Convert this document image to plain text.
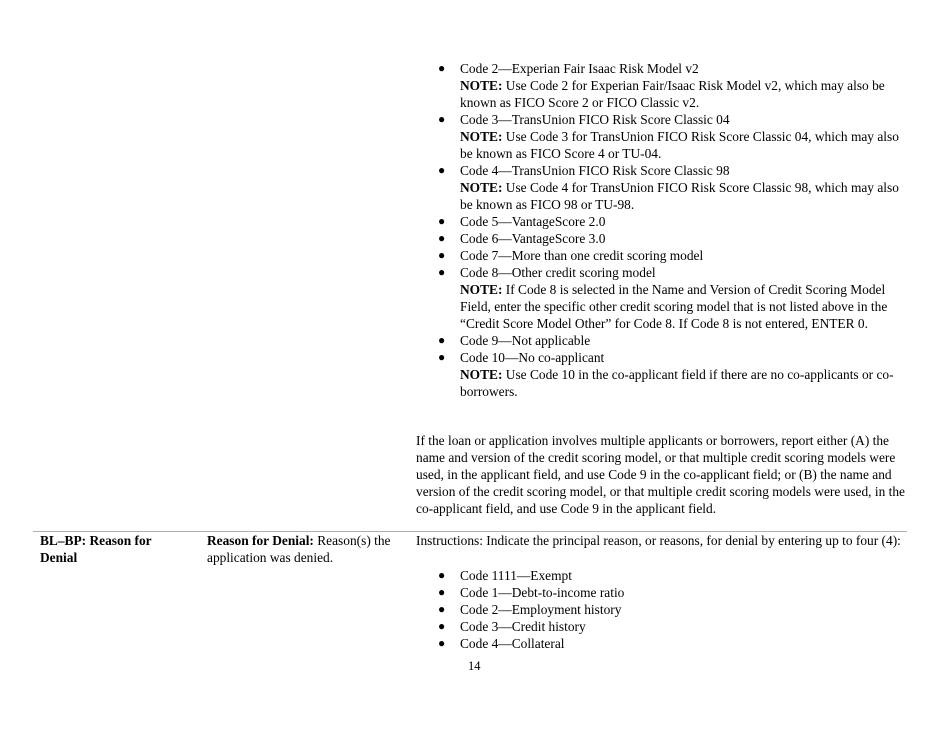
● Code 2—Experian Fair Isaac Risk Model v2
NOTE: Use Code 2 for Experian Fair/Isaac Risk Model v2, which may also be known as FICO Score 2 or FICO Classic v2.
● Code 3—TransUnion FICO Risk Score Classic 04
NOTE: Use Code 3 for TransUnion FICO Risk Score Classic 04, which may also be known as FICO Score 4 or TU-04.
● Code 4—TransUnion FICO Risk Score Classic 98
NOTE: Use Code 4 for TransUnion FICO Risk Score Classic 98, which may also be known as FICO 98 or TU-98.
● Code 5—VantageScore 2.0
● Code 6—VantageScore 3.0
● Code 7—More than one credit scoring model
● Code 8—Other credit scoring model
NOTE: If Code 8 is selected in the Name and Version of Credit Scoring Model Field, enter the specific other credit scoring model that is not listed above in the “Credit Score Model Other” for Code 8. If Code 8 is not entered, ENTER 0.
● Code 9—Not applicable
● Code 10—No co-applicant
NOTE: Use Code 10 in the co-applicant field if there are no co-applicants or co-borrowers.
If the loan or application involves multiple applicants or borrowers, report either (A) the name and version of the credit scoring model, or that multiple credit scoring models were used, in the applicant field, and use Code 9 in the co-applicant field; or (B) the name and version of the credit scoring model, or that multiple credit scoring models were used, in the co-applicant field, and use Code 9 in the applicant field.
BL–BP: Reason for Denial
Reason for Denial: Reason(s) the application was denied.
Instructions: Indicate the principal reason, or reasons, for denial by entering up to four (4):
● Code 1111—Exempt
● Code 1—Debt-to-income ratio
● Code 2—Employment history
● Code 3—Credit history
● Code 4—Collateral
14
